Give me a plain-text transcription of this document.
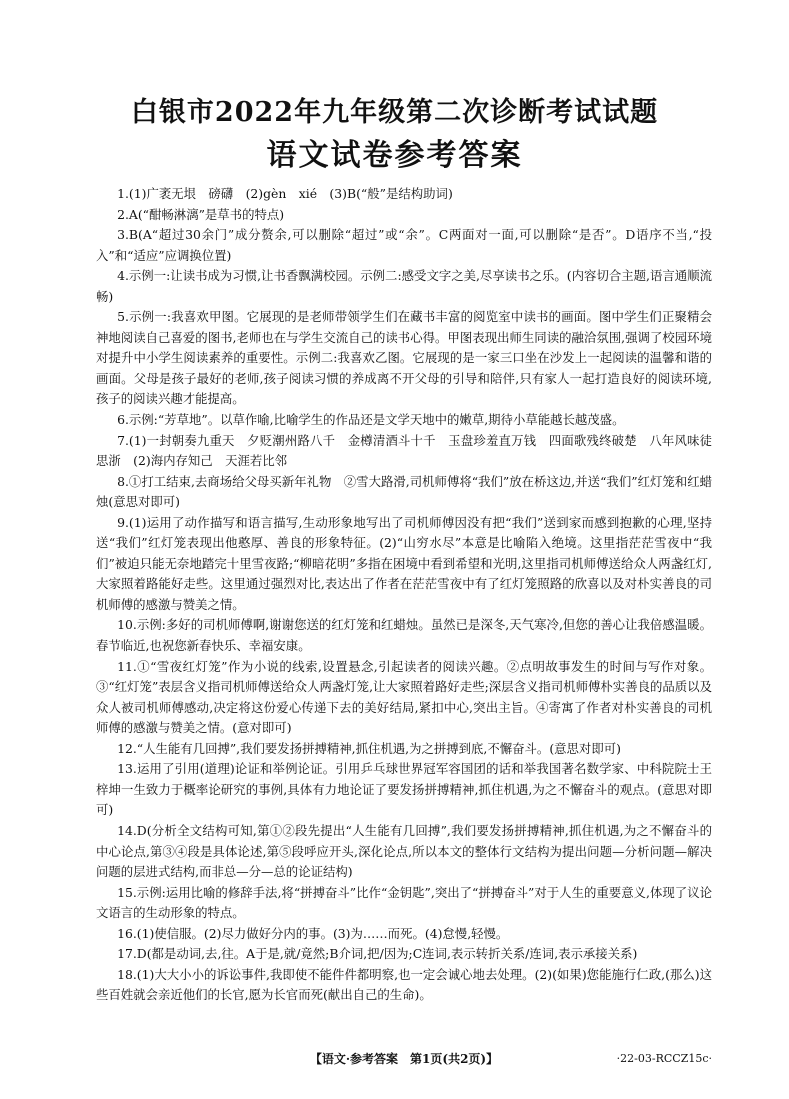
白银市2022年九年级第二次诊断考试试题
语文试卷参考答案

1.(1)广袤无垠　磅礴　(2)gèn　xié　(3)B(“般”是结构助词)

2.A(“酣畅淋漓”是草书的特点)

3.B(A“超过30余门”成分赘余,可以删除“超过”或“余”。C两面对一面,可以删除“是否”。D语序不当,“投入”和“适应”应调换位置)

4.示例一:让读书成为习惯,让书香飘满校园。示例二:感受文字之美,尽享读书之乐。(内容切合主题,语言通顺流畅)

5.示例一:我喜欢甲图。它展现的是老师带领学生们在藏书丰富的阅览室中读书的画面。图中学生们正聚精会神地阅读自己喜爱的图书,老师也在与学生交流自己的读书心得。甲图表现出师生同读的融洽氛围,强调了校园环境对提升中小学生阅读素养的重要性。示例二:我喜欢乙图。它展现的是一家三口坐在沙发上一起阅读的温馨和谐的画面。父母是孩子最好的老师,孩子阅读习惯的养成离不开父母的引导和陪伴,只有家人一起打造良好的阅读环境,孩子的阅读兴趣才能提高。

6.示例:“芳草地”。以草作喻,比喻学生的作品还是文学天地中的嫩草,期待小草能越长越茂盛。

7.(1)一封朝奏九重天　夕贬潮州路八千　金樽清酒斗十千　玉盘珍羞直万钱　四面歌残终破楚　八年风味徒思浙　(2)海内存知己　天涯若比邻

8.①打工结束,去商场给父母买新年礼物　②雪大路滑,司机师傅将“我们”放在桥这边,并送“我们”红灯笼和红蜡烛(意思对即可)

9.(1)运用了动作描写和语言描写,生动形象地写出了司机师傅因没有把“我们”送到家而感到抱歉的心理,坚持送“我们”红灯笼表现出他憨厚、善良的形象特征。(2)“山穷水尽”本意是比喻陷入绝境。这里指茫茫雪夜中“我们”被迫只能无奈地踏完十里雪夜路;“柳暗花明”多指在困境中看到希望和光明,这里指司机师傅送给众人两盏红灯,大家照着路能好走些。这里通过强烈对比,表达出了作者在茫茫雪夜中有了红灯笼照路的欣喜以及对朴实善良的司机师傅的感激与赞美之情。

10.示例:多好的司机师傅啊,谢谢您送的红灯笼和红蜡烛。虽然已是深冬,天气寒冷,但您的善心让我倍感温暖。春节临近,也祝您新春快乐、幸福安康。

11.①“雪夜红灯笼”作为小说的线索,设置悬念,引起读者的阅读兴趣。②点明故事发生的时间与写作对象。③“红灯笼”表层含义指司机师傅送给众人两盏灯笼,让大家照着路好走些;深层含义指司机师傅朴实善良的品质以及众人被司机师傅感动,决定将这份爱心传递下去的美好结局,紧扣中心,突出主旨。④寄寓了作者对朴实善良的司机师傅的感激与赞美之情。(意对即可)

12.“人生能有几回搏”,我们要发扬拼搏精神,抓住机遇,为之拼搏到底,不懈奋斗。(意思对即可)

13.运用了引用(道理)论证和举例论证。引用乒乓球世界冠军容国团的话和举我国著名数学家、中科院院士王梓坤一生致力于概率论研究的事例,具体有力地论证了要发扬拼搏精神,抓住机遇,为之不懈奋斗的观点。(意思对即可)

14.D(分析全文结构可知,第①②段先提出“人生能有几回搏”,我们要发扬拼搏精神,抓住机遇,为之不懈奋斗的中心论点,第③④段是具体论述,第⑤段呼应开头,深化论点,所以本文的整体行文结构为提出问题—分析问题—解决问题的层进式结构,而非总—分—总的论证结构)

15.示例:运用比喻的修辞手法,将“拼搏奋斗”比作“金钥匙”,突出了“拼搏奋斗”对于人生的重要意义,体现了议论文语言的生动形象的特点。

16.(1)使信服。(2)尽力做好分内的事。(3)为……而死。(4)怠慢,轻慢。

17.D(都是动词,去,往。A于是,就/竟然;B介词,把/因为;C连词,表示转折关系/连词,表示承接关系)

18.(1)大大小小的诉讼事件,我即使不能件件都明察,也一定会诚心地去处理。(2)(如果)您能施行仁政,(那么)这些百姓就会亲近他们的长官,愿为长官而死(献出自己的生命)。

【语文·参考答案　第1页(共2页)】	·22-03-RCCZ15c·
